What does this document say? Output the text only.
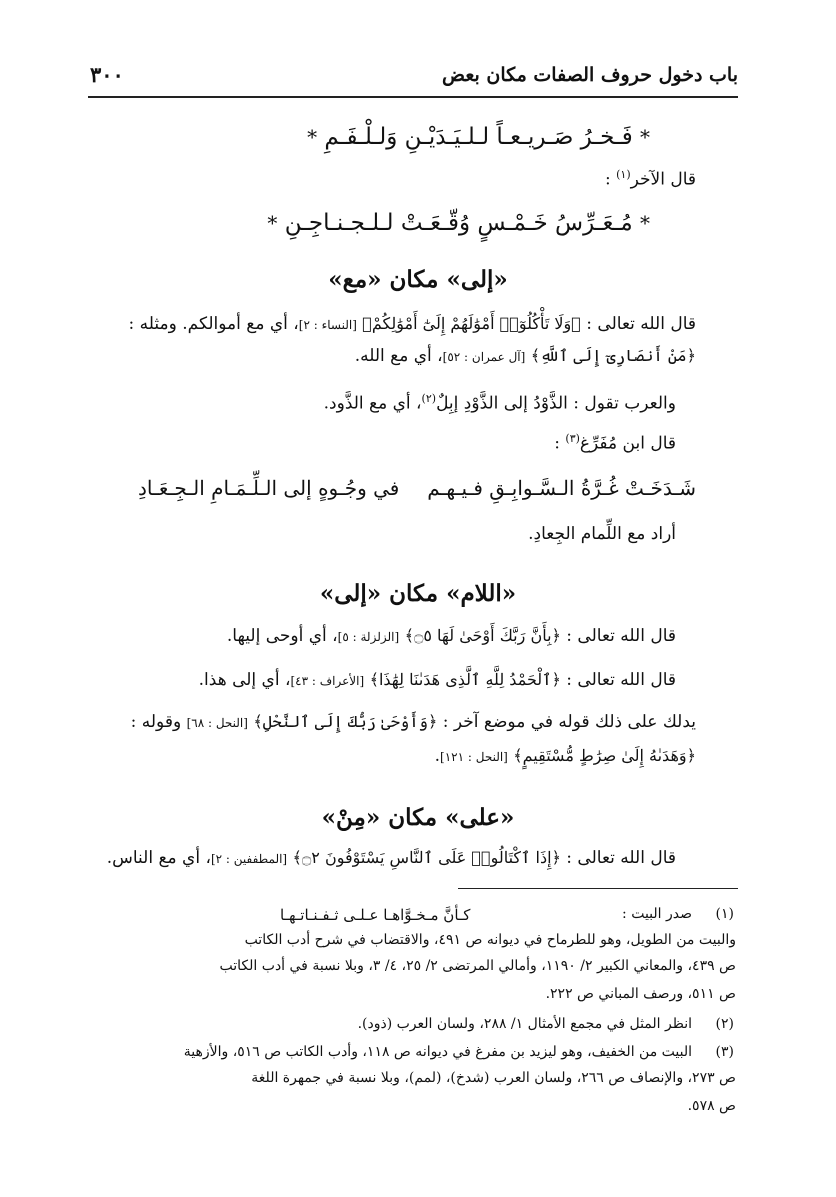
باب دخول حروف الصفات مكان بعض
٣٠٠
* فَـخـرُ صَـريـعـاً لـلـيَـدَيْـنِ وَلـلْـفَـمِ *
قال الآخر$^{(١)}$ :
* مُـعَـرِّسُ خَـمْـسٍ وُقّـعَـتْ لـلـجـنـاجِـنِ *
«إلى» مكان «مع»
قال الله تعالى : ﴿وَلَا تَأْكُلُوٓا۟ أَمْوَٰلَهُمْ إِلَىٰٓ أَمْوَٰلِكُمْ﴾ [النساء : ٢]، أي مع أموالكم. ومثله :
﴿مَنْ أَنصَارِىٓ إِلَى ٱللَّهِ﴾ [آل عمران : ٥٢]، أي مع الله.
والعرب تقول : الذَّوْدُ إلى الذَّوْدِ إبِلٌ$^{(٢)}$، أي مع الذَّود.
قال ابن مُفَرِّغ$^{(٣)}$ :
شَـدَخَـتْ غُـرَّةُ الـسَّـوابِـقِ فـيـهـم
في وجُـوهٍ إلى الـلِّـمَـامِ الـجِـعَـادِ
أراد مع اللِّمام الجِعادِ.
«اللام» مكان «إلى»
قال الله تعالى : ﴿بِأَنَّ رَبَّكَ أَوْحَىٰ لَهَا ۝٥﴾ [الزلزلة : ٥]، أي أوحى إليها.
قال الله تعالى : ﴿ٱلْحَمْدُ لِلَّهِ ٱلَّذِى هَدَىٰنَا لِهَٰذَا﴾ [الأعراف : ٤٣]، أي إلى هذا.
يدلك على ذلك قوله في موضع آخر : ﴿وَأَوْحَىٰ رَبُّكَ إِلَى ٱلنَّحْلِ﴾ [النحل : ٦٨] وقوله :
﴿وَهَدَىٰهُ إِلَىٰ صِرَٰطٍ مُّسْتَقِيمٍ﴾ [النحل : ١٢١].
«على» مكان «مِنْ»
قال الله تعالى : ﴿إِذَا ٱكْتَالُوا۟ عَلَى ٱلنَّاسِ يَسْتَوْفُونَ ۝٢﴾ [المطففين : ٢]، أي مع الناس.
(١)
صدر البيت :
كـأنَّ مـخـوَّاهـا عـلـى ثـفـنـاتـهـا
والبيت من الطويل، وهو للطرماح في ديوانه ص ٤٩١، والاقتضاب في شرح أدب الكاتب
ص ٤٣٩، والمعاني الكبير ٢/ ١١٩٠، وأمالي المرتضى ٢/ ٢٥، ٤/ ٣، وبلا نسبة في أدب الكاتب
ص ٥١١، ورصف المباني ص ٢٢٢.
(٢)
انظر المثل في مجمع الأمثال ١/ ٢٨٨، ولسان العرب (ذود).
(٣)
البيت من الخفيف، وهو ليزيد بن مفرغ في ديوانه ص ١١٨، وأدب الكاتب ص ٥١٦، والأزهية
ص ٢٧٣، والإنصاف ص ٢٦٦، ولسان العرب (شدخ)، (لمم)، وبلا نسبة في جمهرة اللغة
ص ٥٧٨.
